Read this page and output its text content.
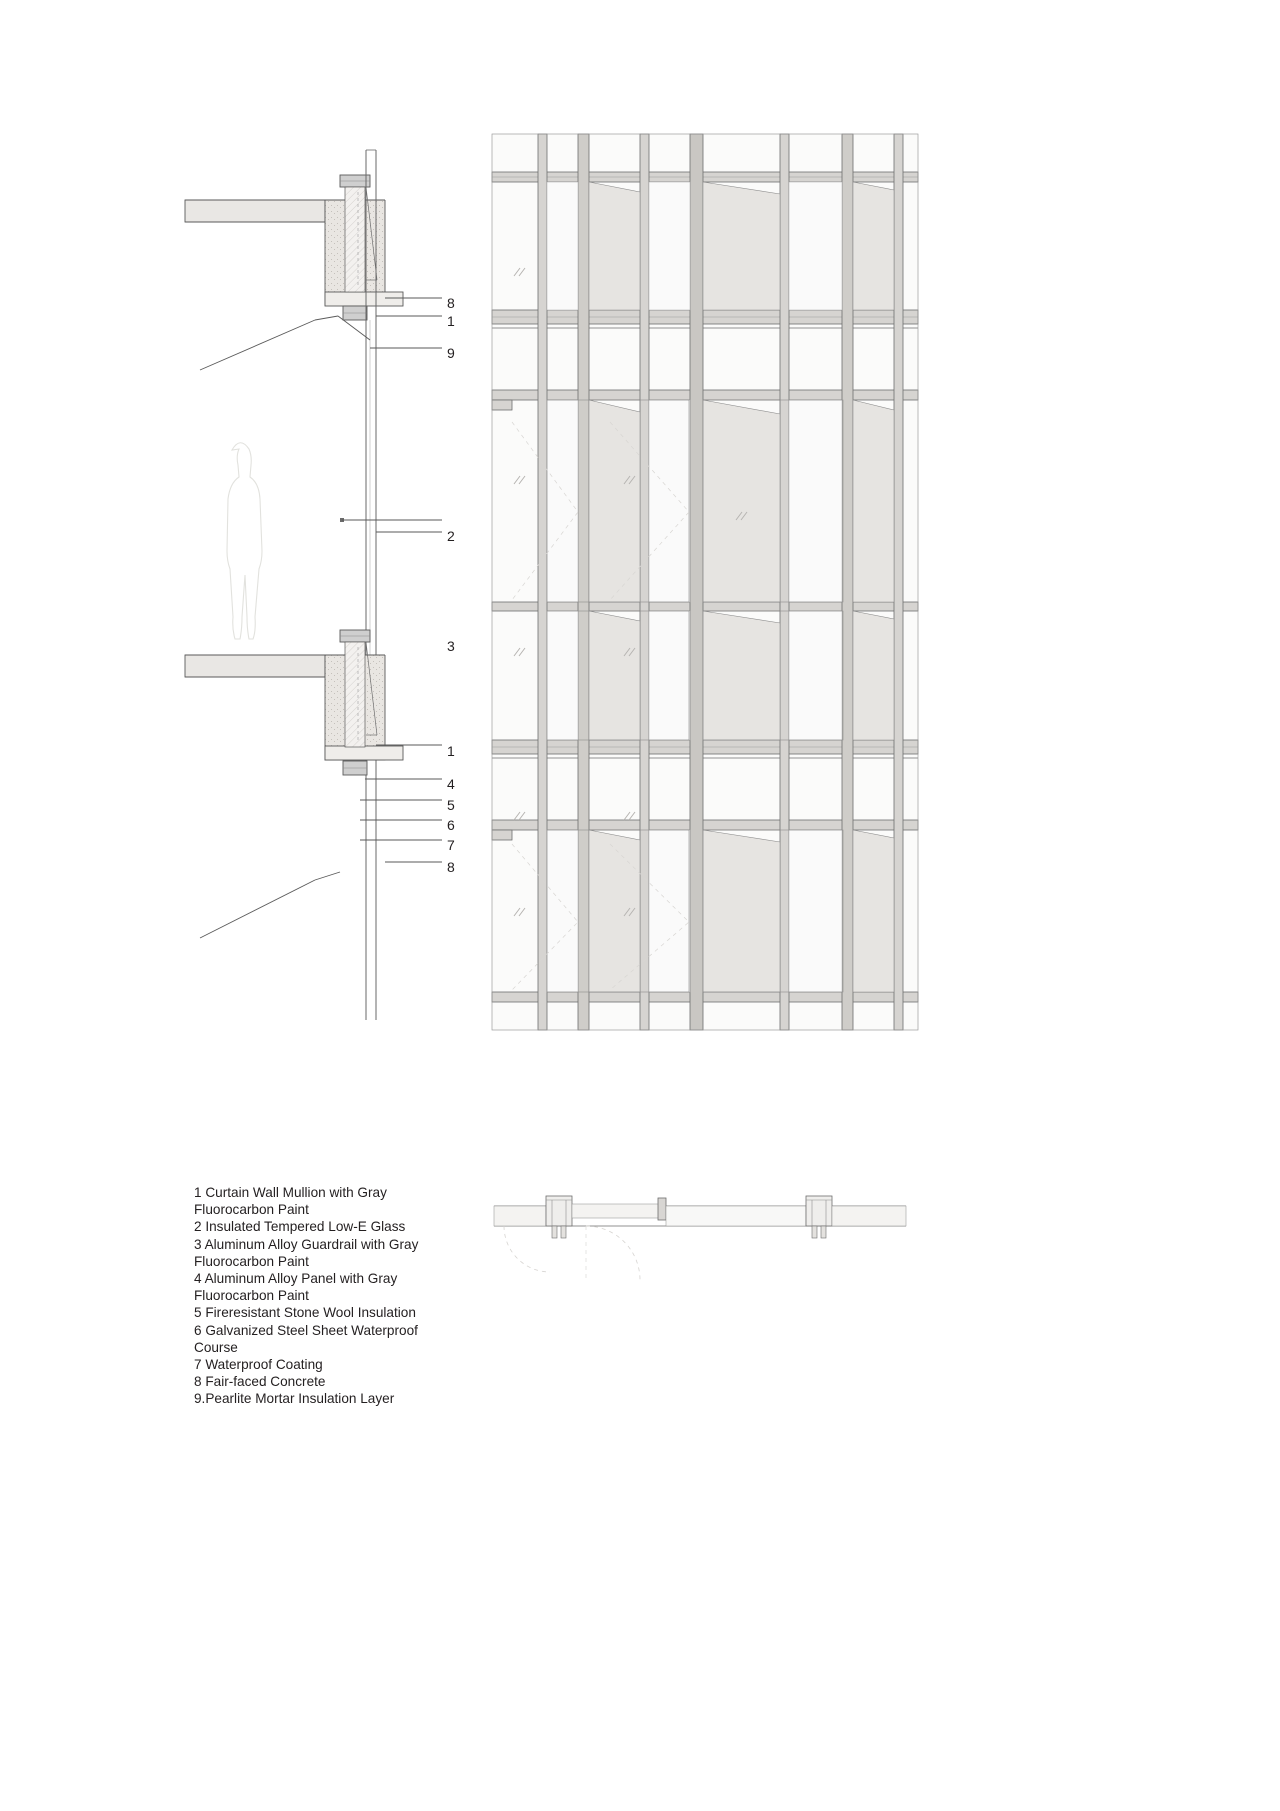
8
1
9
2
3
1
4
5
6
7
8
1 Curtain Wall Mullion with Gray Fluorocarbon Paint
2 Insulated Tempered Low-E Glass
3 Aluminum Alloy Guardrail with Gray Fluorocarbon Paint
4 Aluminum Alloy Panel with Gray Fluorocarbon Paint
5 Fireresistant Stone Wool Insulation
6 Galvanized Steel Sheet Waterproof Course
7 Waterproof Coating
8 Fair-faced Concrete
9.Pearlite Mortar Insulation Layer
